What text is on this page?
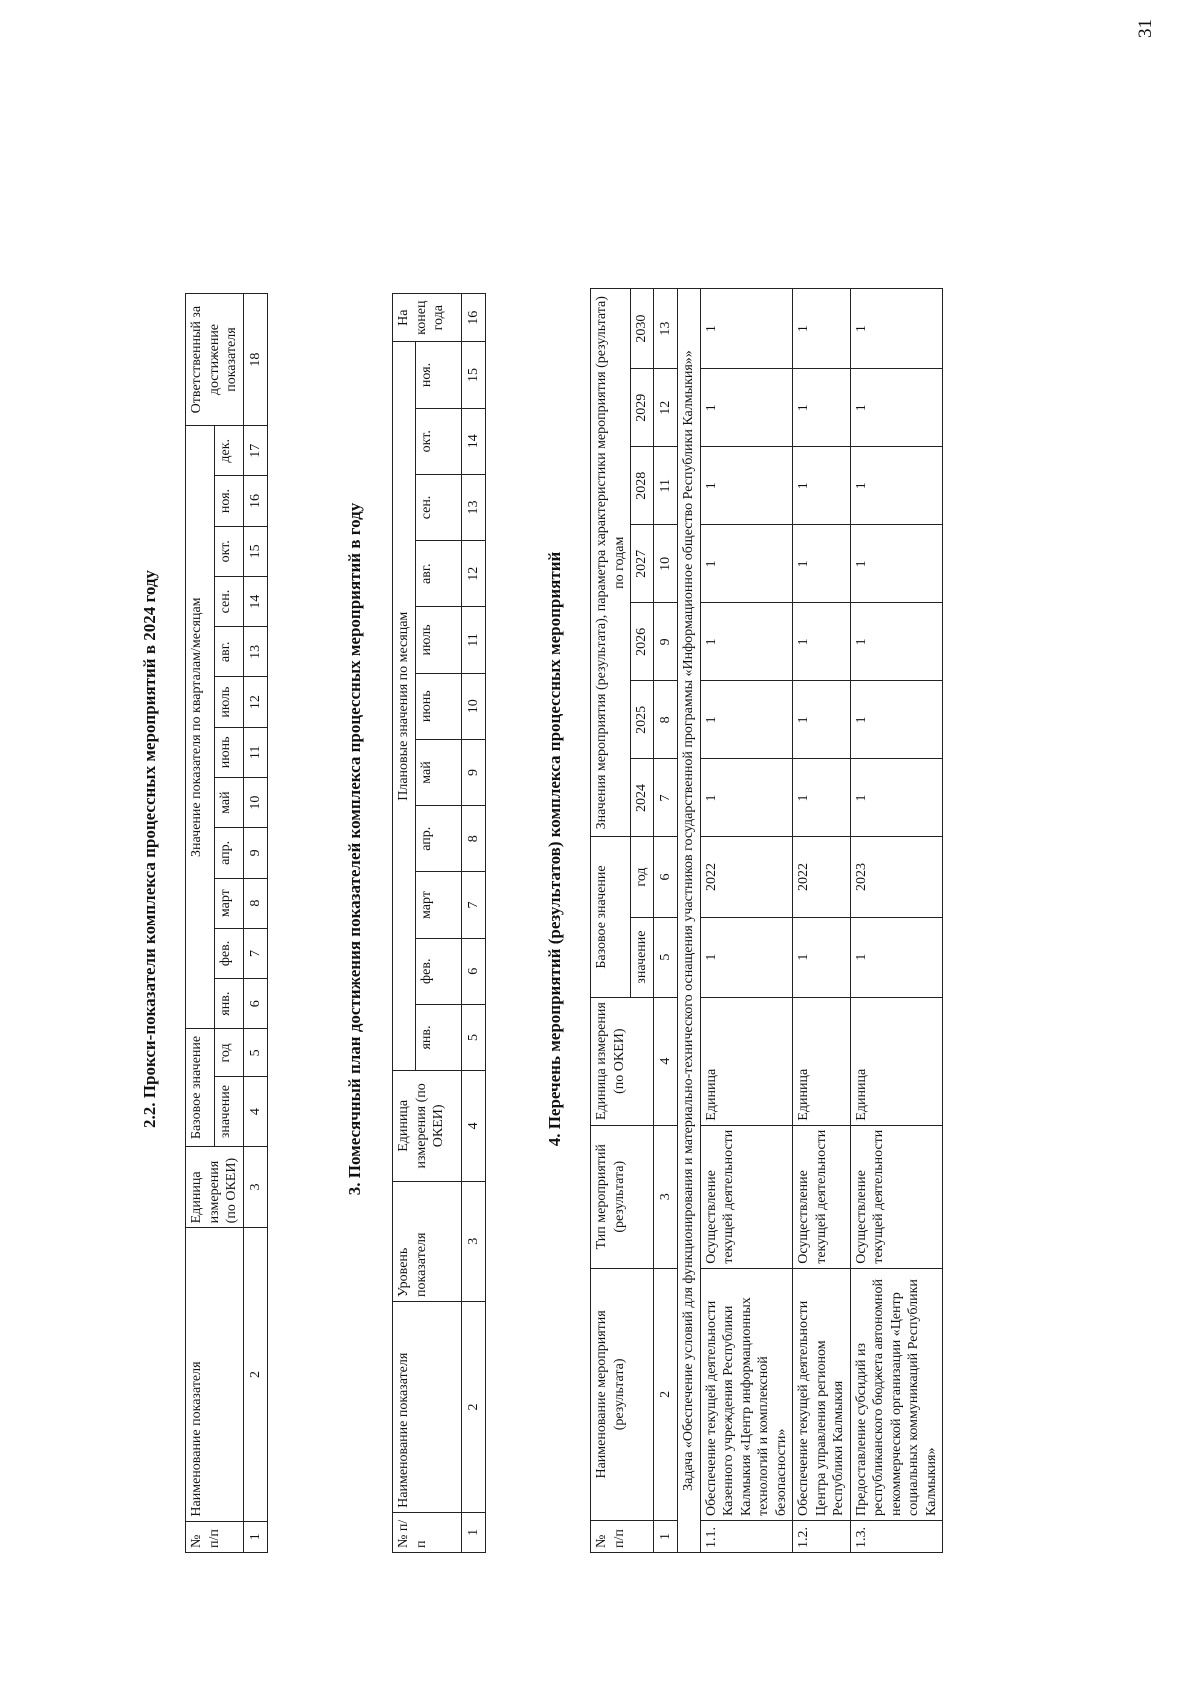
31
2.2. Прокси-показатели комплекса процессных мероприятий в 2024 году
№ п/п	Наименование показателя	Единица измерения (по ОКЕИ)	Базовое значение		Значение показателя по кварталам/месяцам												Ответственный за достижение показателя
			значение	год	янв.	фев.	март	апр.	май	июнь	июль	авг.	сен.	окт.	ноя.	дек.	
1	2	3	4	5	6	7	8	9	10	11	12	13	14	15	16	17	18
3. Помесячный план достижения показателей комплекса процессных мероприятий в году
№ п/п	Наименование показателя	Уровень показателя	Единица измерения (по ОКЕИ)	Плановые значения по месяцам											На конец года
				янв.	фев.	март	апр.	май	июнь	июль	авг.	сен.	окт.	ноя.	
1	2	3	4	5	6	7	8	9	10	11	12	13	14	15	16
4. Перечень мероприятий (результатов) комплекса процессных мероприятий
№ п/п	Наименование мероприятия (результата)	Тип мероприятий (результата)	Единица измерения (по ОКЕИ)	Базовое значение		Значения мероприятия (результата), параметра характеристики мероприятия (результата) по годам						
				значение	год	2024	2025	2026	2027	2028	2029	2030
1	2	3	4	5	6	7	8	9	10	11	12	13
Задача «Обеспечение условий для функционирования и материально-технического оснащения участников государственной программы «Информационное общество Республики Калмыкия»»												
1.1.	Обеспечение текущей деятельности Казенного учреждения Республики Калмыкия «Центр информационных технологий и комплексной безопасности»	Осуществление текущей деятельности	Единица	1	2022	1	1	1	1	1	1	1
1.2.	Обеспечение текущей деятельности Центра управления регионом Республики Калмыкия	Осуществление текущей деятельности	Единица	1	2022	1	1	1	1	1	1	1
1.3.	Предоставление субсидий из республиканского бюджета автономной некоммерческой организации «Центр социальных коммуникаций Республики Калмыкия»	Осуществление текущей деятельности	Единица	1	2023	1	1	1	1	1	1	1
